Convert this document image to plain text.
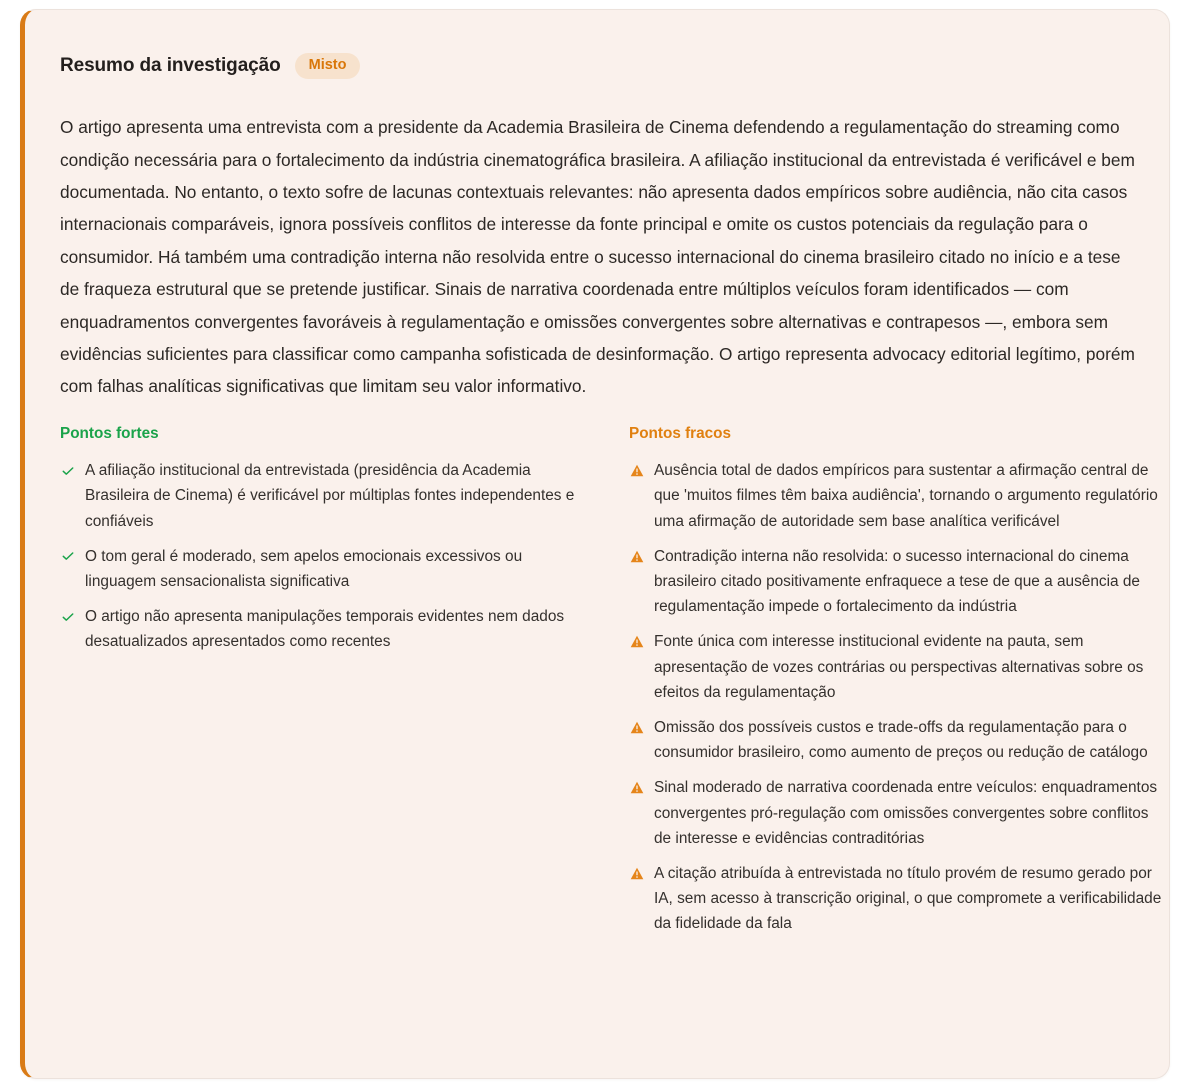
Resumo da investigação	Misto

O artigo apresenta uma entrevista com a presidente da Academia Brasileira de Cinema defendendo a regulamentação do streaming como condição necessária para o fortalecimento da indústria cinematográfica brasileira. A afiliação institucional da entrevistada é verificável e bem documentada. No entanto, o texto sofre de lacunas contextuais relevantes: não apresenta dados empíricos sobre audiência, não cita casos internacionais comparáveis, ignora possíveis conflitos de interesse da fonte principal e omite os custos potenciais da regulação para o consumidor. Há também uma contradição interna não resolvida entre o sucesso internacional do cinema brasileiro citado no início e a tese de fraqueza estrutural que se pretende justificar. Sinais de narrativa coordenada entre múltiplos veículos foram identificados — com enquadramentos convergentes favoráveis à regulamentação e omissões convergentes sobre alternativas e contrapesos —, embora sem evidências suficientes para classificar como campanha sofisticada de desinformação. O artigo representa advocacy editorial legítimo, porém com falhas analíticas significativas que limitam seu valor informativo.

Pontos fortes
A afiliação institucional da entrevistada (presidência da Academia Brasileira de Cinema) é verificável por múltiplas fontes independentes e confiáveis
O tom geral é moderado, sem apelos emocionais excessivos ou linguagem sensacionalista significativa
O artigo não apresenta manipulações temporais evidentes nem dados desatualizados apresentados como recentes
Pontos fracos
Ausência total de dados empíricos para sustentar a afirmação central de que 'muitos filmes têm baixa audiência', tornando o argumento regulatório uma afirmação de autoridade sem base analítica verificável
Contradição interna não resolvida: o sucesso internacional do cinema brasileiro citado positivamente enfraquece a tese de que a ausência de regulamentação impede o fortalecimento da indústria
Fonte única com interesse institucional evidente na pauta, sem apresentação de vozes contrárias ou perspectivas alternativas sobre os efeitos da regulamentação
Omissão dos possíveis custos e trade-offs da regulamentação para o consumidor brasileiro, como aumento de preços ou redução de catálogo
Sinal moderado de narrativa coordenada entre veículos: enquadramentos convergentes pró-regulação com omissões convergentes sobre conflitos de interesse e evidências contraditórias
A citação atribuída à entrevistada no título provém de resumo gerado por IA, sem acesso à transcrição original, o que compromete a verificabilidade da fidelidade da fala
